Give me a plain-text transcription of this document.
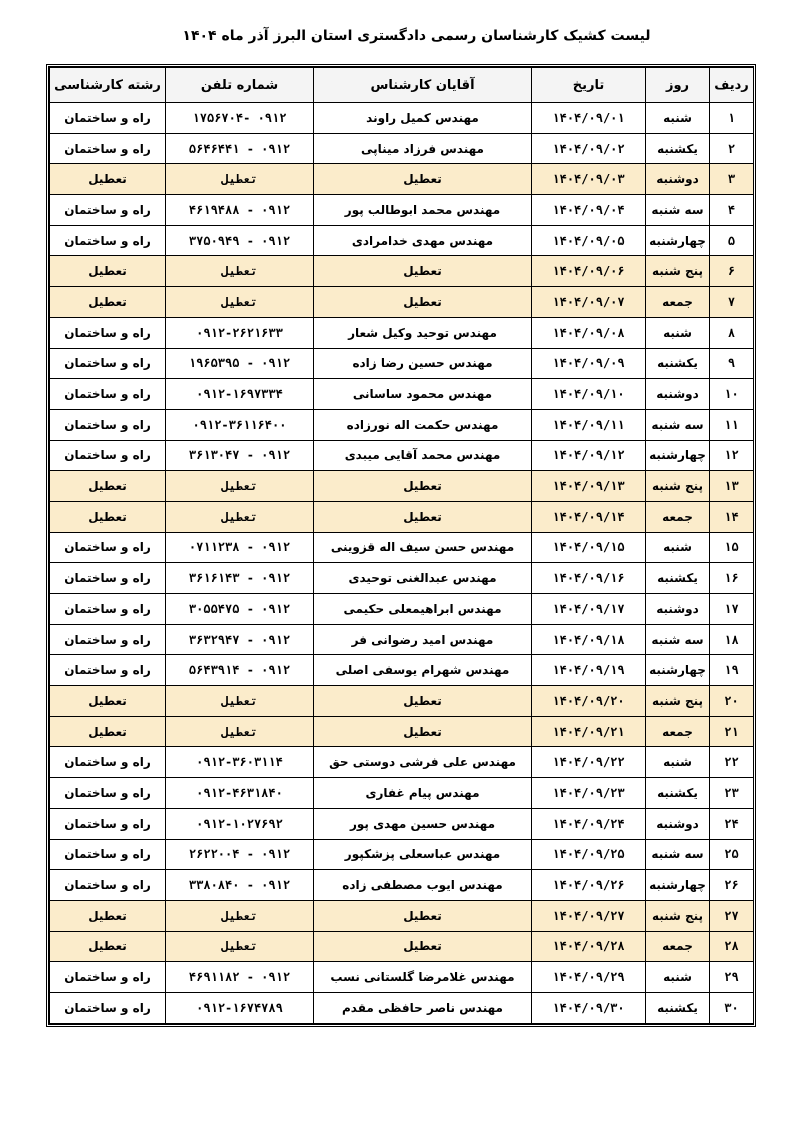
لیست کشیک کارشناسان رسمی دادگستری استان البرز آذر ماه ۱۴۰۴
ردیف	روز	تاریخ	آقایان کارشناس	شماره تلفن	رشته کارشناسی
۱	شنبه	۱۴۰۴/۰۹/۰۱	مهندس کمیل راوند	۰۹۱۲ -۱۷۵۶۷۰۴	راه و ساختمان
۲	یکشنبه	۱۴۰۴/۰۹/۰۲	مهندس فرزاد میناپی	۰۹۱۲ - ۵۶۴۶۴۴۱	راه و ساختمان
۳	دوشنبه	۱۴۰۴/۰۹/۰۳	تعطیل	تعطیل	تعطیل
۴	سه شنبه	۱۴۰۴/۰۹/۰۴	مهندس محمد ابوطالب پور	۰۹۱۲ - ۴۶۱۹۴۸۸	راه و ساختمان
۵	چهارشنبه	۱۴۰۴/۰۹/۰۵	مهندس مهدی خدامرادی	۰۹۱۲ - ۳۷۵۰۹۴۹	راه و ساختمان
۶	پنج شنبه	۱۴۰۴/۰۹/۰۶	تعطیل	تعطیل	تعطیل
۷	جمعه	۱۴۰۴/۰۹/۰۷	تعطیل	تعطیل	تعطیل
۸	شنبه	۱۴۰۴/۰۹/۰۸	مهندس توحید وکیل شعار	۰۹۱۲-۲۶۲۱۶۳۳	راه و ساختمان
۹	یکشنبه	۱۴۰۴/۰۹/۰۹	مهندس حسین رضا زاده	۰۹۱۲ - ۱۹۶۵۳۹۵	راه و ساختمان
۱۰	دوشنبه	۱۴۰۴/۰۹/۱۰	مهندس محمود ساسانی	۰۹۱۲-۱۶۹۷۳۳۴	راه و ساختمان
۱۱	سه شنبه	۱۴۰۴/۰۹/۱۱	مهندس حکمت اله نورزاده	۰۹۱۲-۳۶۱۱۶۴۰۰	راه و ساختمان
۱۲	چهارشنبه	۱۴۰۴/۰۹/۱۲	مهندس محمد آقایی میبدی	۰۹۱۲ - ۳۶۱۳۰۴۷	راه و ساختمان
۱۳	پنج شنبه	۱۴۰۴/۰۹/۱۳	تعطیل	تعطیل	تعطیل
۱۴	جمعه	۱۴۰۴/۰۹/۱۴	تعطیل	تعطیل	تعطیل
۱۵	شنبه	۱۴۰۴/۰۹/۱۵	مهندس حسن سیف اله قزوینی	۰۹۱۲ - ۰۷۱۱۲۳۸	راه و ساختمان
۱۶	یکشنبه	۱۴۰۴/۰۹/۱۶	مهندس عبدالغنی توحیدی	۰۹۱۲ - ۳۶۱۶۱۴۳	راه و ساختمان
۱۷	دوشنبه	۱۴۰۴/۰۹/۱۷	مهندس ابراهیمعلی حکیمی	۰۹۱۲ - ۳۰۵۵۴۷۵	راه و ساختمان
۱۸	سه شنبه	۱۴۰۴/۰۹/۱۸	مهندس امید رضوانی فر	۰۹۱۲ - ۳۶۳۲۹۴۷	راه و ساختمان
۱۹	چهارشنبه	۱۴۰۴/۰۹/۱۹	مهندس شهرام یوسفی اصلی	۰۹۱۲ - ۵۶۴۳۹۱۴	راه و ساختمان
۲۰	پنج شنبه	۱۴۰۴/۰۹/۲۰	تعطیل	تعطیل	تعطیل
۲۱	جمعه	۱۴۰۴/۰۹/۲۱	تعطیل	تعطیل	تعطیل
۲۲	شنبه	۱۴۰۴/۰۹/۲۲	مهندس علی فرشی دوستی حق	۰۹۱۲-۳۶۰۳۱۱۴	راه و ساختمان
۲۳	یکشنبه	۱۴۰۴/۰۹/۲۳	مهندس پیام غفاری	۰۹۱۲-۴۶۳۱۸۴۰	راه و ساختمان
۲۴	دوشنبه	۱۴۰۴/۰۹/۲۴	مهندس حسین مهدی پور	۰۹۱۲-۱۰۲۷۶۹۲	راه و ساختمان
۲۵	سه شنبه	۱۴۰۴/۰۹/۲۵	مهندس عباسعلی پزشکپور	۰۹۱۲ - ۲۶۲۲۰۰۴	راه و ساختمان
۲۶	چهارشنبه	۱۴۰۴/۰۹/۲۶	مهندس ایوب مصطفی زاده	۰۹۱۲ - ۳۳۸۰۸۴۰	راه و ساختمان
۲۷	پنج شنبه	۱۴۰۴/۰۹/۲۷	تعطیل	تعطیل	تعطیل
۲۸	جمعه	۱۴۰۴/۰۹/۲۸	تعطیل	تعطیل	تعطیل
۲۹	شنبه	۱۴۰۴/۰۹/۲۹	مهندس غلامرضا گلستانی نسب	۰۹۱۲ - ۴۶۹۱۱۸۲	راه و ساختمان
۳۰	یکشنبه	۱۴۰۴/۰۹/۳۰	مهندس ناصر حافظی مقدم	۰۹۱۲-۱۶۷۴۷۸۹	راه و ساختمان
